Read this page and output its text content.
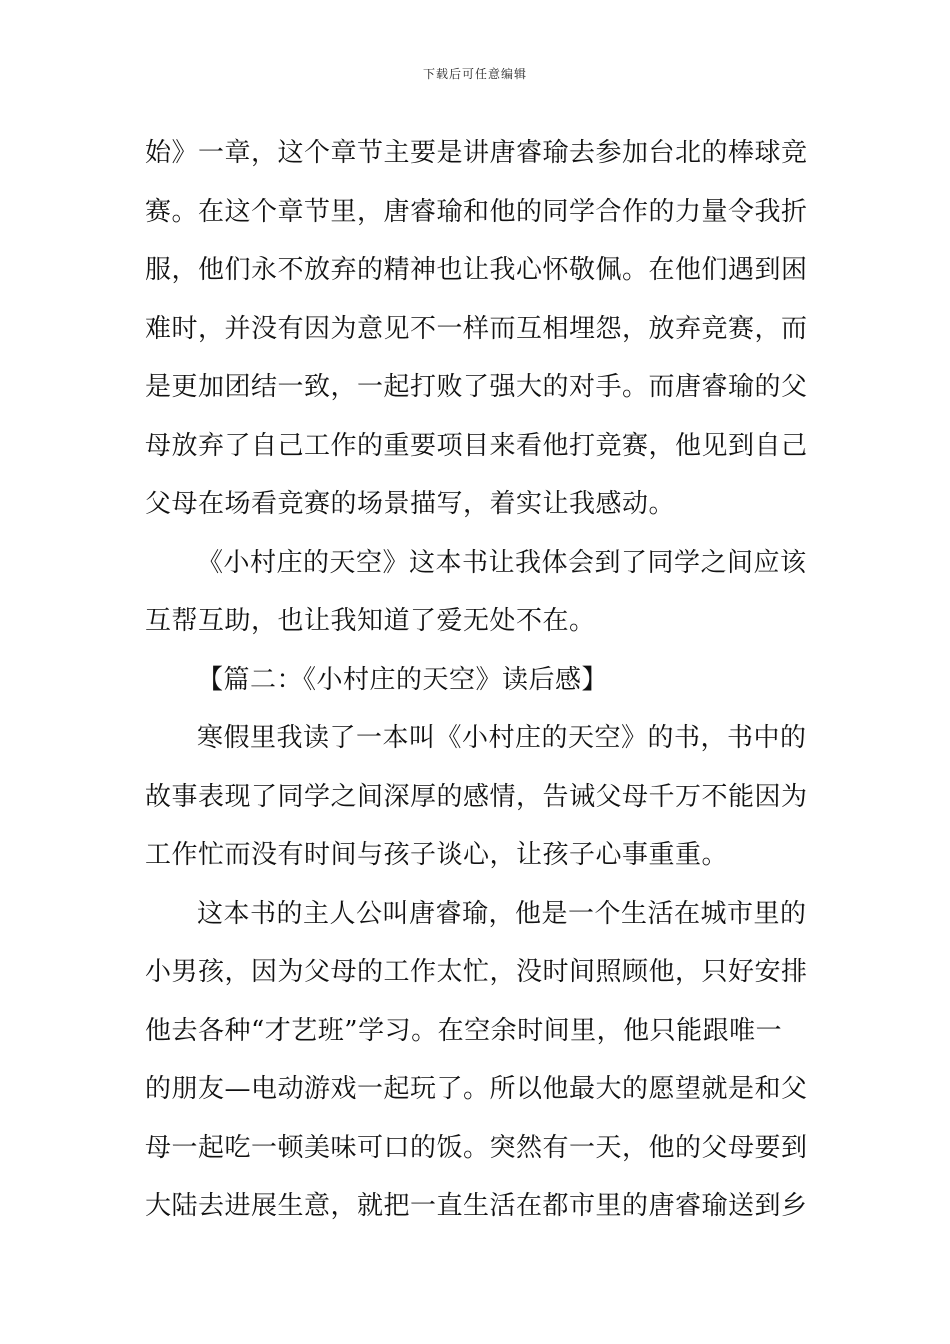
下载后可任意编辑
始》一章，这个章节主要是讲唐睿瑜去参加台北的棒球竞
赛。在这个章节里，唐睿瑜和他的同学合作的力量令我折
服，他们永不放弃的精神也让我心怀敬佩。在他们遇到困
难时，并没有因为意见不一样而互相埋怨，放弃竞赛，而
是更加团结一致，一起打败了强大的对手。而唐睿瑜的父
母放弃了自己工作的重要项目来看他打竞赛，他见到自己
父母在场看竞赛的场景描写，着实让我感动。
《小村庄的天空》这本书让我体会到了同学之间应该
互帮互助，也让我知道了爱无处不在。
【篇二：《小村庄的天空》读后感】
寒假里我读了一本叫《小村庄的天空》的书，书中的
故事表现了同学之间深厚的感情，告诫父母千万不能因为
工作忙而没有时间与孩子谈心，让孩子心事重重。
这本书的主人公叫唐睿瑜，他是一个生活在城市里的
小男孩，因为父母的工作太忙，没时间照顾他，只好安排
他去各种“才艺班”学习。在空余时间里，他只能跟唯一
的朋友—电动游戏一起玩了。所以他最大的愿望就是和父
母一起吃一顿美味可口的饭。突然有一天，他的父母要到
大陆去进展生意，就把一直生活在都市里的唐睿瑜送到乡
